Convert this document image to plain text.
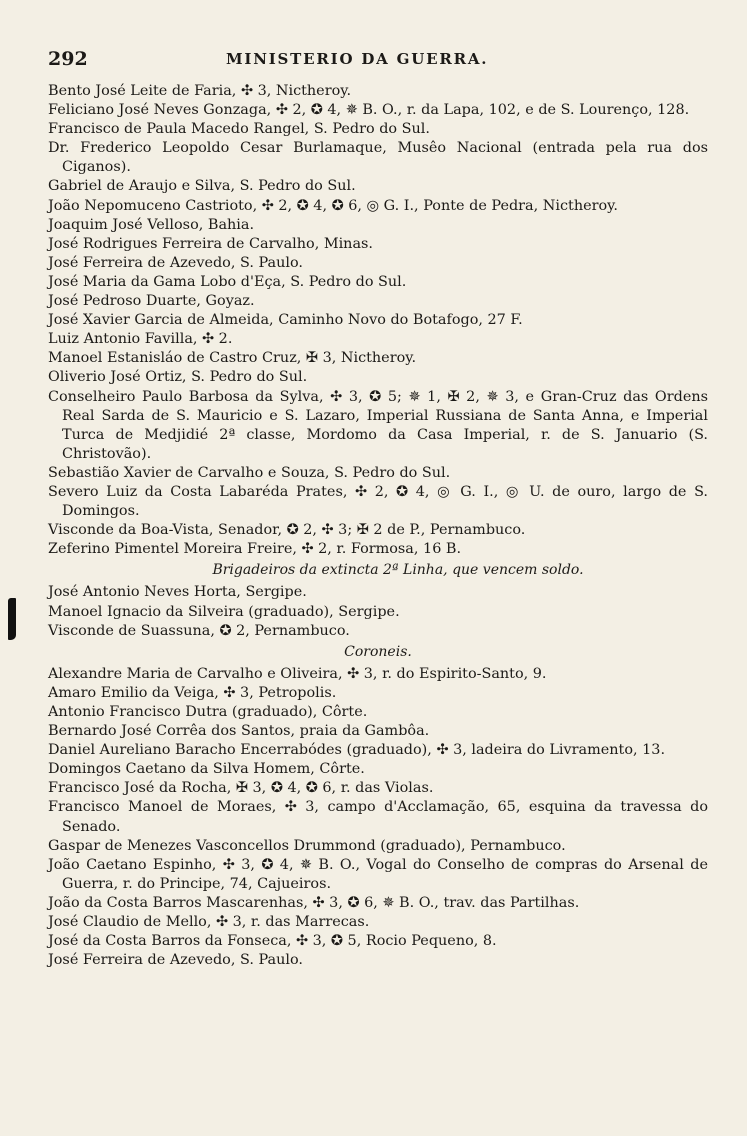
292	MINISTERIO DA GUERRA.

Bento José Leite de Faria, ✣ 3, Nictheroy.

Feliciano José Neves Gonzaga, ✣ 2, ✪ 4, ✵ B. O., r. da Lapa, 102, e de S. Lourenço, 128.

Francisco de Paula Macedo Rangel, S. Pedro do Sul.

Dr. Frederico Leopoldo Cesar Burlamaque, Musêo Nacional (entrada pela rua dos Ciganos).

Gabriel de Araujo e Silva, S. Pedro do Sul.

João Nepomuceno Castrioto, ✣ 2, ✪ 4, ✪ 6, ◎ G. I., Ponte de Pedra, Nictheroy.

Joaquim José Velloso, Bahia.

José Rodrigues Ferreira de Carvalho, Minas.

José Ferreira de Azevedo, S. Paulo.

José Maria da Gama Lobo d'Eça, S. Pedro do Sul.

José Pedroso Duarte, Goyaz.

José Xavier Garcia de Almeida, Caminho Novo do Botafogo, 27 F.

Luiz Antonio Favilla, ✣ 2.

Manoel Estanisláo de Castro Cruz, ✠ 3, Nictheroy.

Oliverio José Ortiz, S. Pedro do Sul.

Conselheiro Paulo Barbosa da Sylva, ✣ 3, ✪ 5; ✵ 1, ✠ 2, ✵ 3, e Gran-Cruz das Ordens Real Sarda de S. Mauricio e S. Lazaro, Imperial Russiana de Santa Anna, e Imperial Turca de Medjidié 2ª classe, Mordomo da Casa Imperial, r. de S. Januario (S. Christovão).

Sebastião Xavier de Carvalho e Souza, S. Pedro do Sul.

Severo Luiz da Costa Labaréda Prates, ✣ 2, ✪ 4, ◎ G. I., ◎ U. de ouro, largo de S. Domingos.

Visconde da Boa-Vista, Senador, ✪ 2, ✣ 3; ✠ 2 de P., Pernambuco.

Zeferino Pimentel Moreira Freire, ✣ 2, r. Formosa, 16 B.

Brigadeiros da extincta 2ª Linha, que vencem soldo.

José Antonio Neves Horta, Sergipe.

Manoel Ignacio da Silveira (graduado), Sergipe.

Visconde de Suassuna, ✪ 2, Pernambuco.

Coroneis.

Alexandre Maria de Carvalho e Oliveira, ✣ 3, r. do Espirito-Santo, 9.

Amaro Emilio da Veiga, ✣ 3, Petropolis.

Antonio Francisco Dutra (graduado), Côrte.

Bernardo José Corrêa dos Santos, praia da Gambôa.

Daniel Aureliano Baracho Encerrabódes (graduado), ✣ 3, ladeira do Livramento, 13.

Domingos Caetano da Silva Homem, Côrte.

Francisco José da Rocha, ✠ 3, ✪ 4, ✪ 6, r. das Violas.

Francisco Manoel de Moraes, ✣ 3, campo d'Acclamação, 65, esquina da travessa do Senado.

Gaspar de Menezes Vasconcellos Drummond (graduado), Pernambuco.

João Caetano Espinho, ✣ 3, ✪ 4, ✵ B. O., Vogal do Conselho de compras do Arsenal de Guerra, r. do Principe, 74, Cajueiros.

João da Costa Barros Mascarenhas, ✣ 3, ✪ 6, ✵ B. O., trav. das Partilhas.

José Claudio de Mello, ✣ 3, r. das Marrecas.

José da Costa Barros da Fonseca, ✣ 3, ✪ 5, Rocio Pequeno, 8.

José Ferreira de Azevedo, S. Paulo.
